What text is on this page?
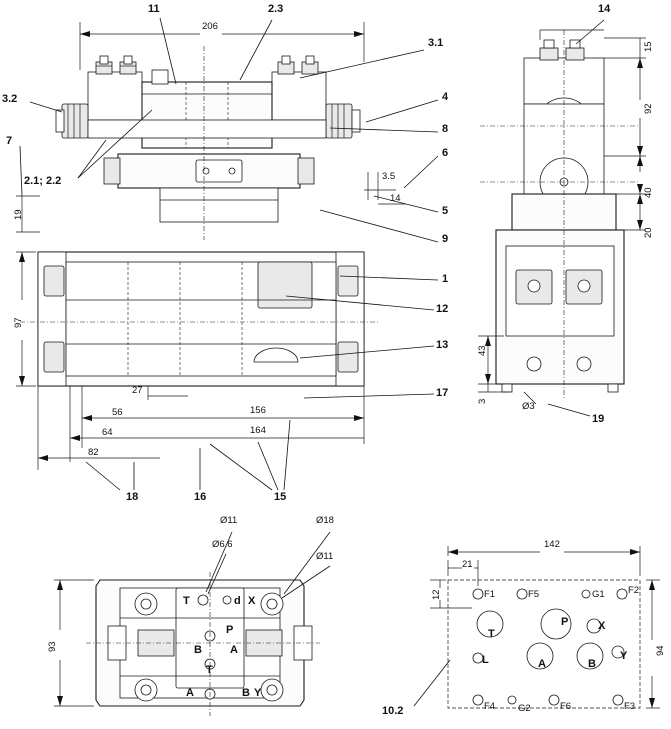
11	2.3	14
3.1
3.2	4
8
7
6
2.1; 2.2
5
9
1
12
13
17
19
18	16	15
10.2
206
3.5
14
19
97
27
56	156
64	164
82
15
92
40
20
43
3	Ø3
Ø11
Ø6.6
Ø18
Ø11
93
142
21
12
94
T	d X
P
B	A
T
A	B Y
F1	F5	G1 F2
T
P	X
L	A	B
Y
F4 G2	F6	F3
